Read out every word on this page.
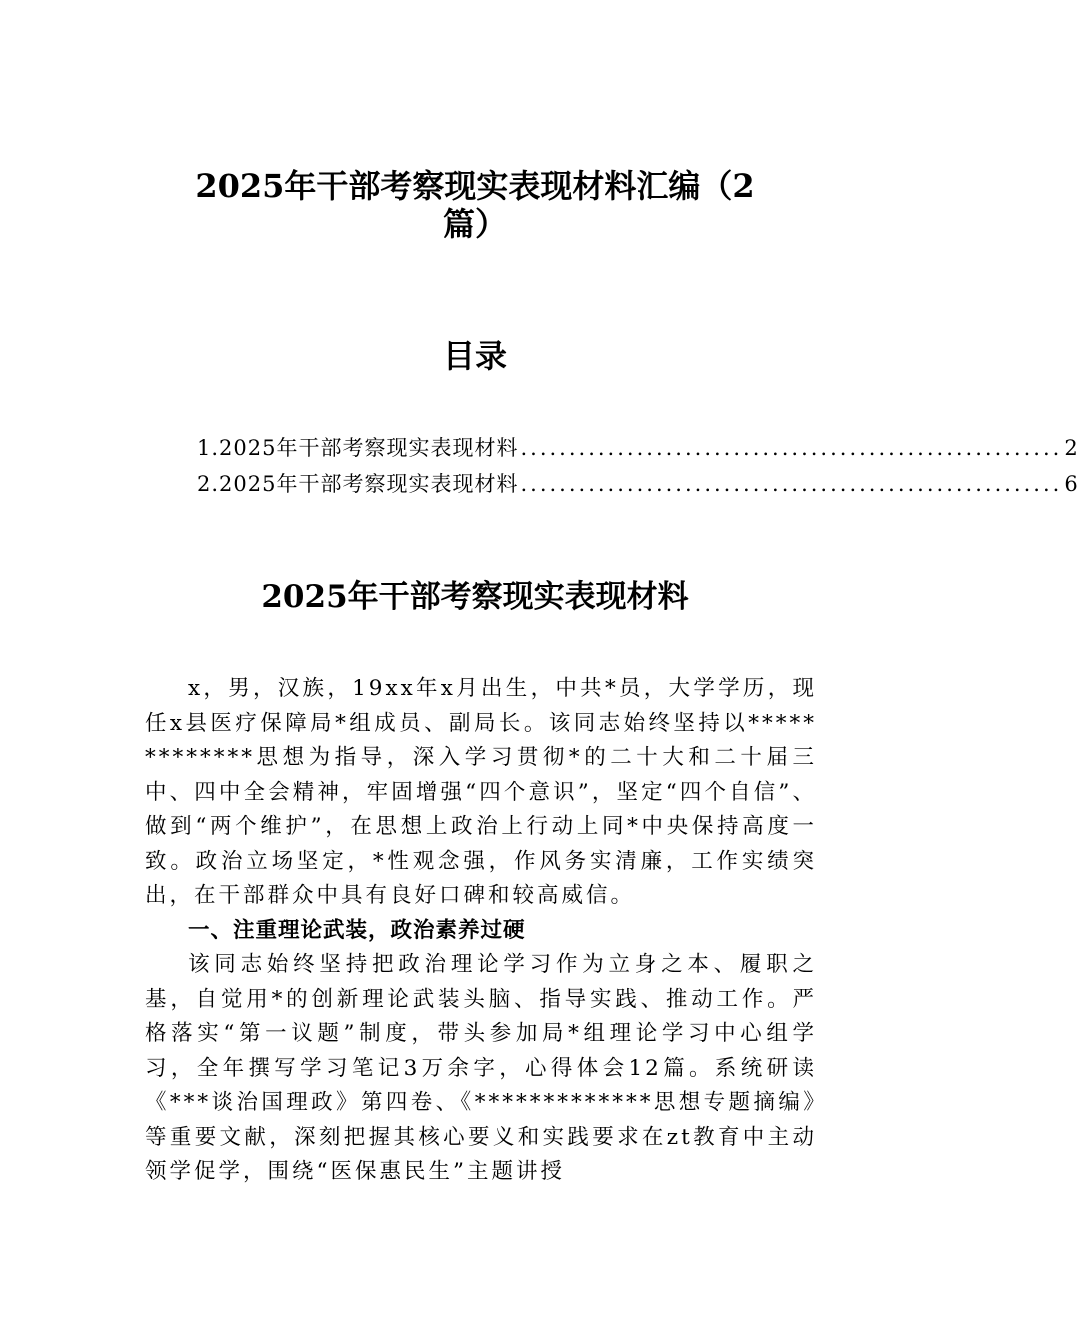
2025年干部考察现实表现材料汇编（2
篇）
目录
1.2025年干部考察现实表现材料 ........................................................ 2
2.2025年干部考察现实表现材料 ........................................................ 6
2025年干部考察现实表现材料

x，男，汉族，19xx年x月出生，中共*员，大学学历，现任x县医疗保障局*组成员、副局长。该同志始终坚持以*************思想为指导，深入学习贯彻*的二十大和二十届三中、四中全会精神，牢固增强“四个意识”，坚定“四个自信”、做到“两个维护”，在思想上政治上行动上同*中央保持高度一致。政治立场坚定，*性观念强，作风务实清廉，工作实绩突出，在干部群众中具有良好口碑和较高威信。

一、注重理论武装，政治素养过硬

该同志始终坚持把政治理论学习作为立身之本、履职之基，自觉用*的创新理论武装头脑、指导实践、推动工作。严格落实“第一议题”制度，带头参加局*组理论学习中心组学习，全年撰写学习笔记3万余字，心得体会12篇。系统研读《***谈治国理政》第四卷、《*************思想专题摘编》等重要文献，深刻把握其核心要义和实践要求在zt教育中主动领学促学，围绕“医保惠民生”主题讲授
